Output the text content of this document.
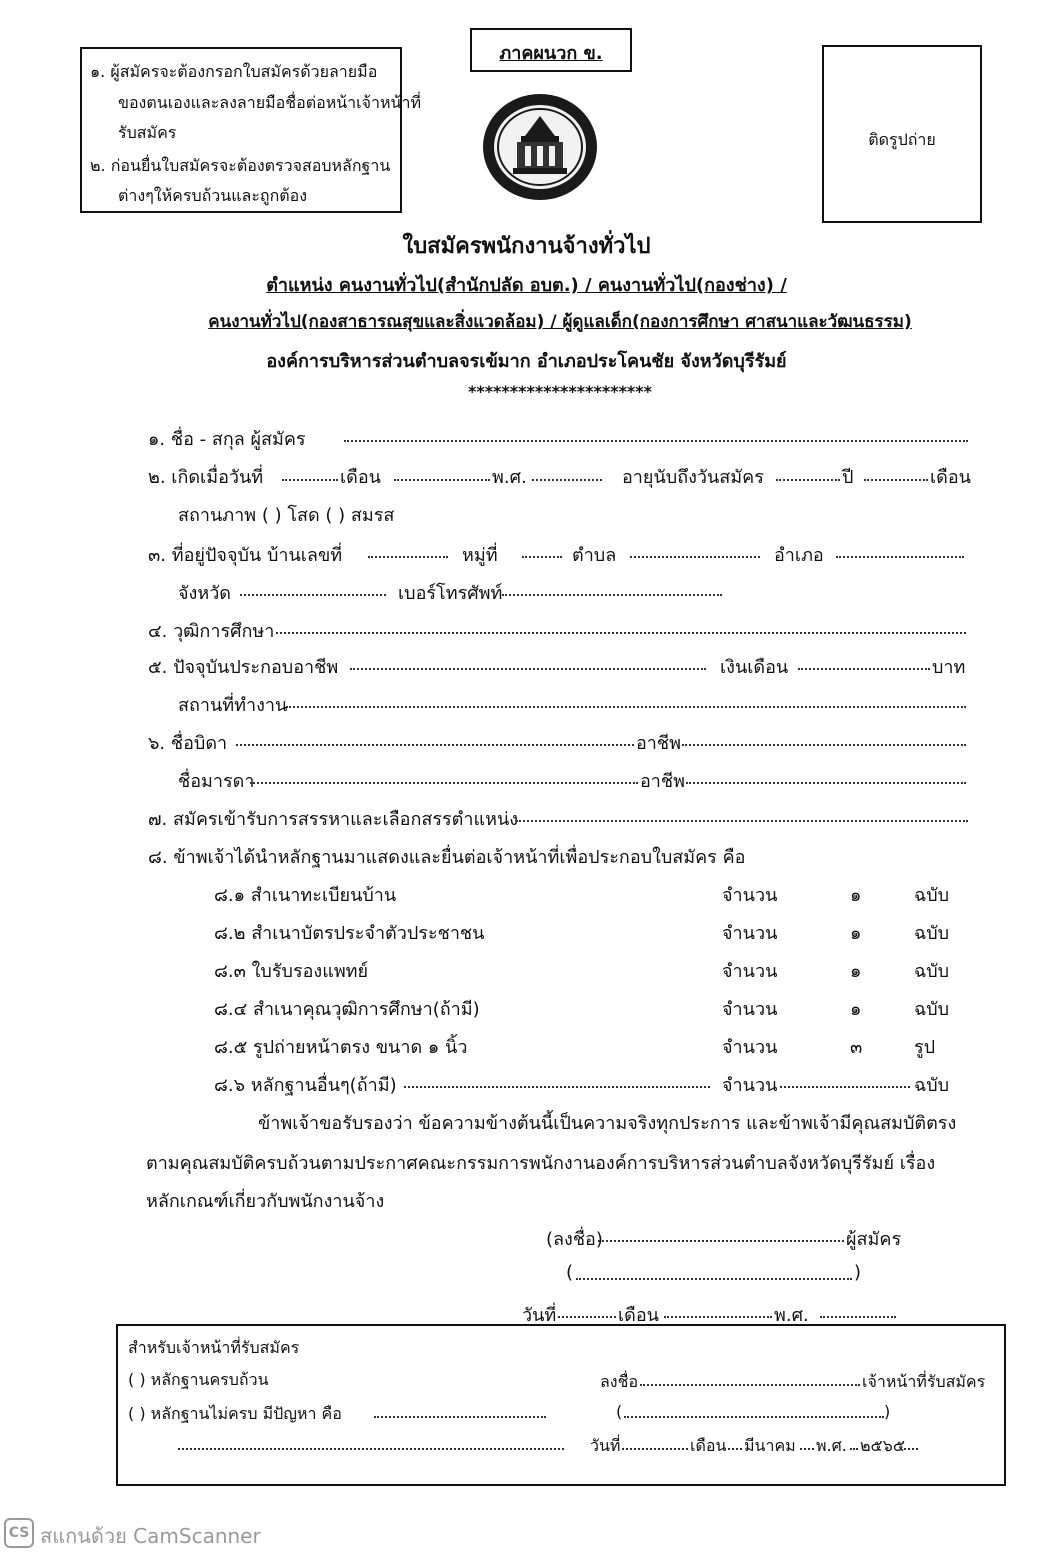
๑. ผู้สมัครจะต้องกรอกใบสมัครด้วยลายมือ
ของตนเองและลงลายมือชื่อต่อหน้าเจ้าหน้าที่
รับสมัคร
๒. ก่อนยื่นใบสมัครจะต้องตรวจสอบหลักฐาน
ต่างๆให้ครบถ้วนและถูกต้อง
ภาคผนวก ข.
ติดรูปถ่าย
ใบสมัครพนักงานจ้างทั่วไป
ตำแหน่ง คนงานทั่วไป(สำนักปลัด อบต.) / คนงานทั่วไป(กองช่าง) /
คนงานทั่วไป(กองสาธารณสุขและสิ่งแวดล้อม) / ผู้ดูแลเด็ก(กองการศึกษา ศาสนาและวัฒนธรรม)
องค์การบริหารส่วนตำบลจรเข้มาก อำเภอประโคนชัย จังหวัดบุรีรัมย์
**********************
๑. ชื่อ - สกุล ผู้สมัคร
๒. เกิดเมื่อวันที่	เดือน	พ.ศ.	อายุนับถึงวันสมัคร	ปี	เดือน
สถานภาพ ( ) โสด ( ) สมรส
๓. ที่อยู่ปัจจุบัน บ้านเลขที่	หมู่ที่	ตำบล	อำเภอ
จังหวัด	เบอร์โทรศัพท์
๔. วุฒิการศึกษา
๕. ปัจจุบันประกอบอาชีพ	เงินเดือน	บาท
สถานที่ทำงาน
๖. ชื่อบิดา	อาชีพ
ชื่อมารดา	อาชีพ
๗. สมัครเข้ารับการสรรหาและเลือกสรรตำแหน่ง
๘. ข้าพเจ้าได้นำหลักฐานมาแสดงและยื่นต่อเจ้าหน้าที่เพื่อประกอบใบสมัคร คือ
๘.๑ สำเนาทะเบียนบ้าน	จำนวน	๑	ฉบับ
๘.๒ สำเนาบัตรประจำตัวประชาชน	จำนวน	๑	ฉบับ
๘.๓ ใบรับรองแพทย์	จำนวน	๑	ฉบับ
๘.๔ สำเนาคุณวุฒิการศึกษา(ถ้ามี)	จำนวน	๑	ฉบับ
๘.๕ รูปถ่ายหน้าตรง ขนาด ๑ นิ้ว	จำนวน	๓	รูป
๘.๖ หลักฐานอื่นๆ(ถ้ามี)	จำนวน	ฉบับ
ข้าพเจ้าขอรับรองว่า ข้อความข้างต้นนี้เป็นความจริงทุกประการ และข้าพเจ้ามีคุณสมบัติตรง
ตามคุณสมบัติครบถ้วนตามประกาศคณะกรรมการพนักงานองค์การบริหารส่วนตำบลจังหวัดบุรีรัมย์ เรื่อง
หลักเกณฑ์เกี่ยวกับพนักงานจ้าง
(ลงชื่อ)	ผู้สมัคร
(	)
วันที่	เดือน	พ.ศ.
สำหรับเจ้าหน้าที่รับสมัคร
( ) หลักฐานครบถ้วน	ลงชื่อ	เจ้าหน้าที่รับสมัคร
( ) หลักฐานไม่ครบ มีปัญหา คือ	(	)
วันที่	เดือน มีนาคม พ.ศ. ๒๕๖๕
CS สแกนด้วย CamScanner
